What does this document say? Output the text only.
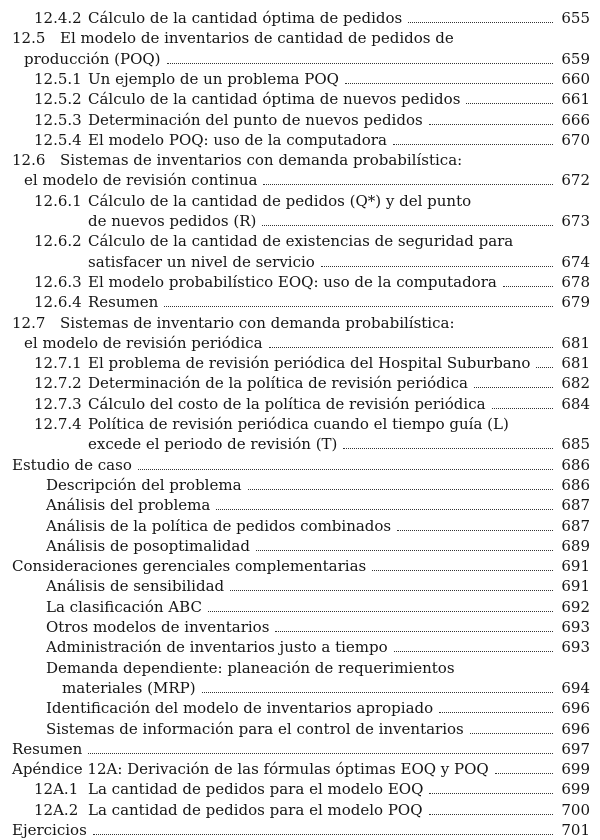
12.4.2 Cálculo de la cantidad óptima de pedidos	655
12.5 El modelo de inventarios de cantidad de pedidos de
producción (POQ)	659
12.5.1 Un ejemplo de un problema POQ	660
12.5.2 Cálculo de la cantidad óptima de nuevos pedidos	661
12.5.3 Determinación del punto de nuevos pedidos	666
12.5.4 El modelo POQ: uso de la computadora	670
12.6 Sistemas de inventarios con demanda probabilística:
el modelo de revisión continua	672
12.6.1 Cálculo de la cantidad de pedidos (Q*) y del punto
de nuevos pedidos (R)	673
12.6.2 Cálculo de la cantidad de existencias de seguridad para
satisfacer un nivel de servicio	674
12.6.3 El modelo probabilístico EOQ: uso de la computadora	678
12.6.4 Resumen	679
12.7 Sistemas de inventario con demanda probabilística:
el modelo de revisión periódica	681
12.7.1 El problema de revisión periódica del Hospital Suburbano 681
12.7.2 Determinación de la política de revisión periódica	682
12.7.3 Cálculo del costo de la política de revisión periódica	684
12.7.4 Política de revisión periódica cuando el tiempo guía (L)
excede el periodo de revisión (T)	685
Estudio de caso	686
Descripción del problema	686
Análisis del problema	687
Análisis de la política de pedidos combinados	687
Análisis de posoptimalidad	689
Consideraciones gerenciales complementarias	691
Análisis de sensibilidad	691
La clasificación ABC	692
Otros modelos de inventarios	693
Administración de inventarios justo a tiempo	693
Demanda dependiente: planeación de requerimientos
materiales (MRP)	694
Identificación del modelo de inventarios apropiado	696
Sistemas de información para el control de inventarios	696
Resumen	697
Apéndice 12A: Derivación de las fórmulas óptimas EOQ y POQ	699
12A.1 La cantidad de pedidos para el modelo EOQ	699
12A.2 La cantidad de pedidos para el modelo POQ	700
Ejercicios	701
